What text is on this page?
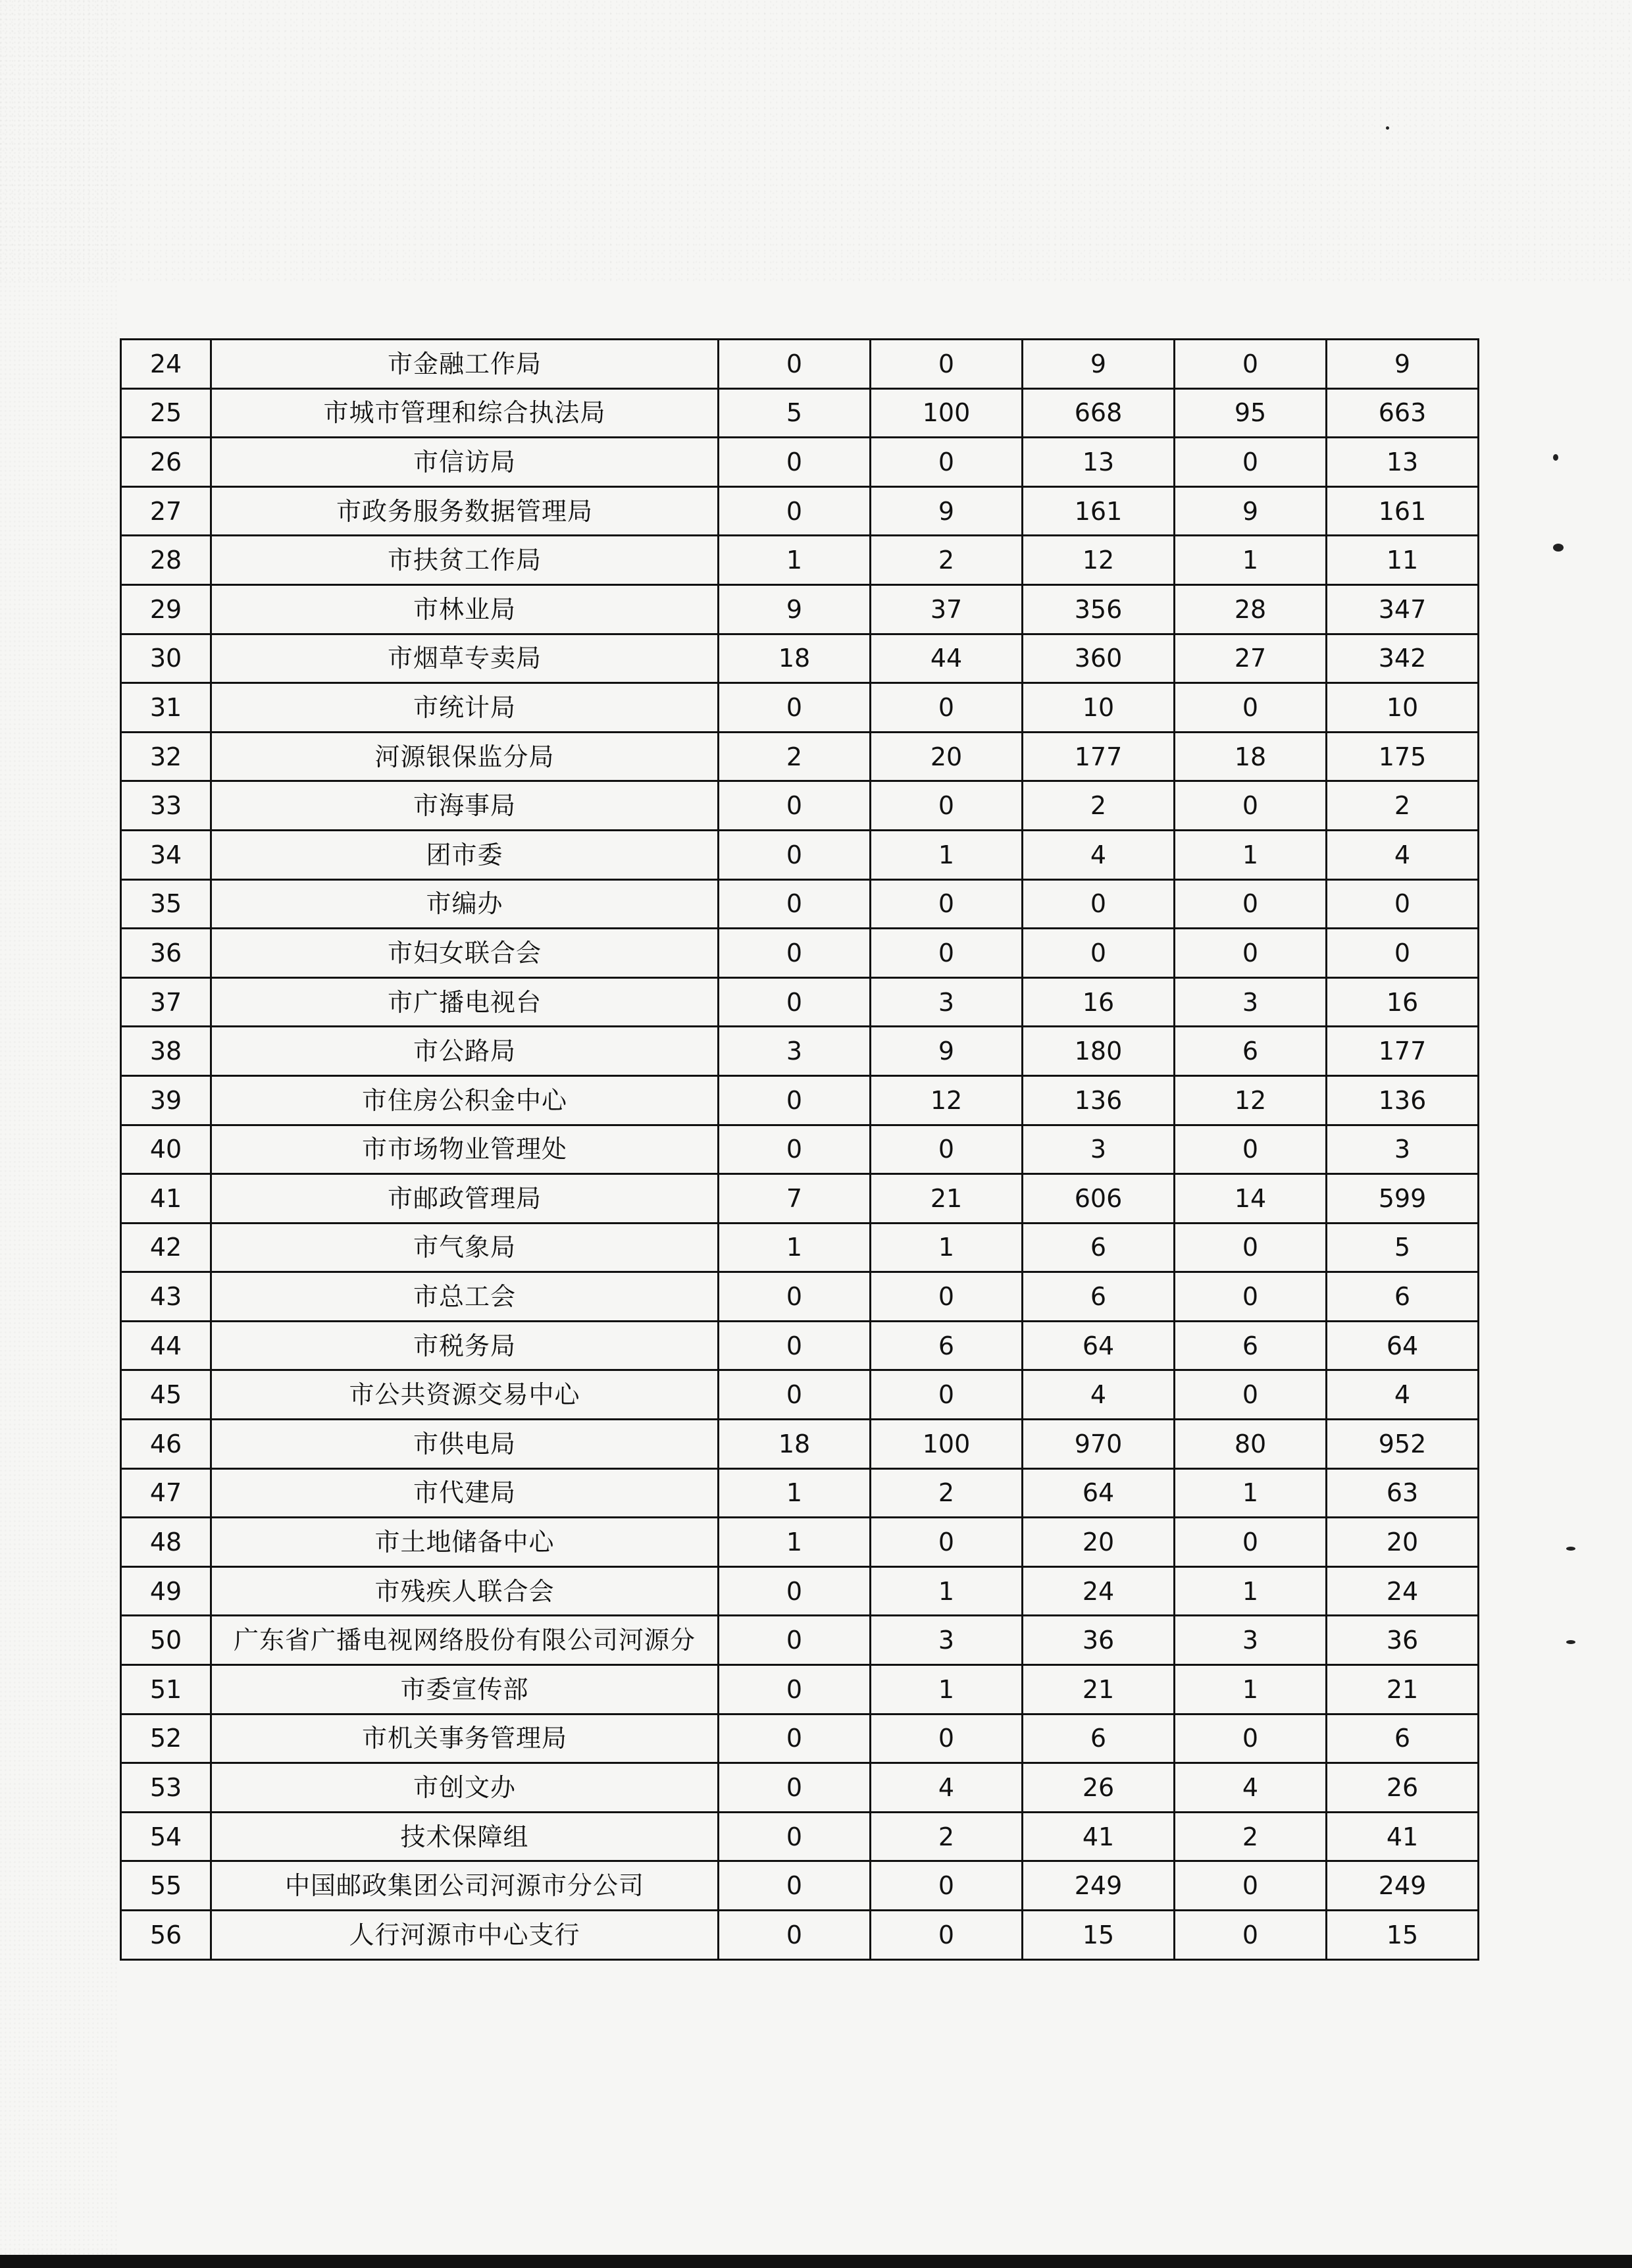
24	市金融工作局	0	0	9	0	9
25	市城市管理和综合执法局	5	100	668	95	663
26	市信访局	0	0	13	0	13
27	市政务服务数据管理局	0	9	161	9	161
28	市扶贫工作局	1	2	12	1	11
29	市林业局	9	37	356	28	347
30	市烟草专卖局	18	44	360	27	342
31	市统计局	0	0	10	0	10
32	河源银保监分局	2	20	177	18	175
33	市海事局	0	0	2	0	2
34	团市委	0	1	4	1	4
35	市编办	0	0	0	0	0
36	市妇女联合会	0	0	0	0	0
37	市广播电视台	0	3	16	3	16
38	市公路局	3	9	180	6	177
39	市住房公积金中心	0	12	136	12	136
40	市市场物业管理处	0	0	3	0	3
41	市邮政管理局	7	21	606	14	599
42	市气象局	1	1	6	0	5
43	市总工会	0	0	6	0	6
44	市税务局	0	6	64	6	64
45	市公共资源交易中心	0	0	4	0	4
46	市供电局	18	100	970	80	952
47	市代建局	1	2	64	1	63
48	市土地储备中心	1	0	20	0	20
49	市残疾人联合会	0	1	24	1	24
50	广东省广播电视网络股份有限公司河源分	0	3	36	3	36
51	市委宣传部	0	1	21	1	21
52	市机关事务管理局	0	0	6	0	6
53	市创文办	0	4	26	4	26
54	技术保障组	0	2	41	2	41
55	中国邮政集团公司河源市分公司	0	0	249	0	249
56	人行河源市中心支行	0	0	15	0	15
